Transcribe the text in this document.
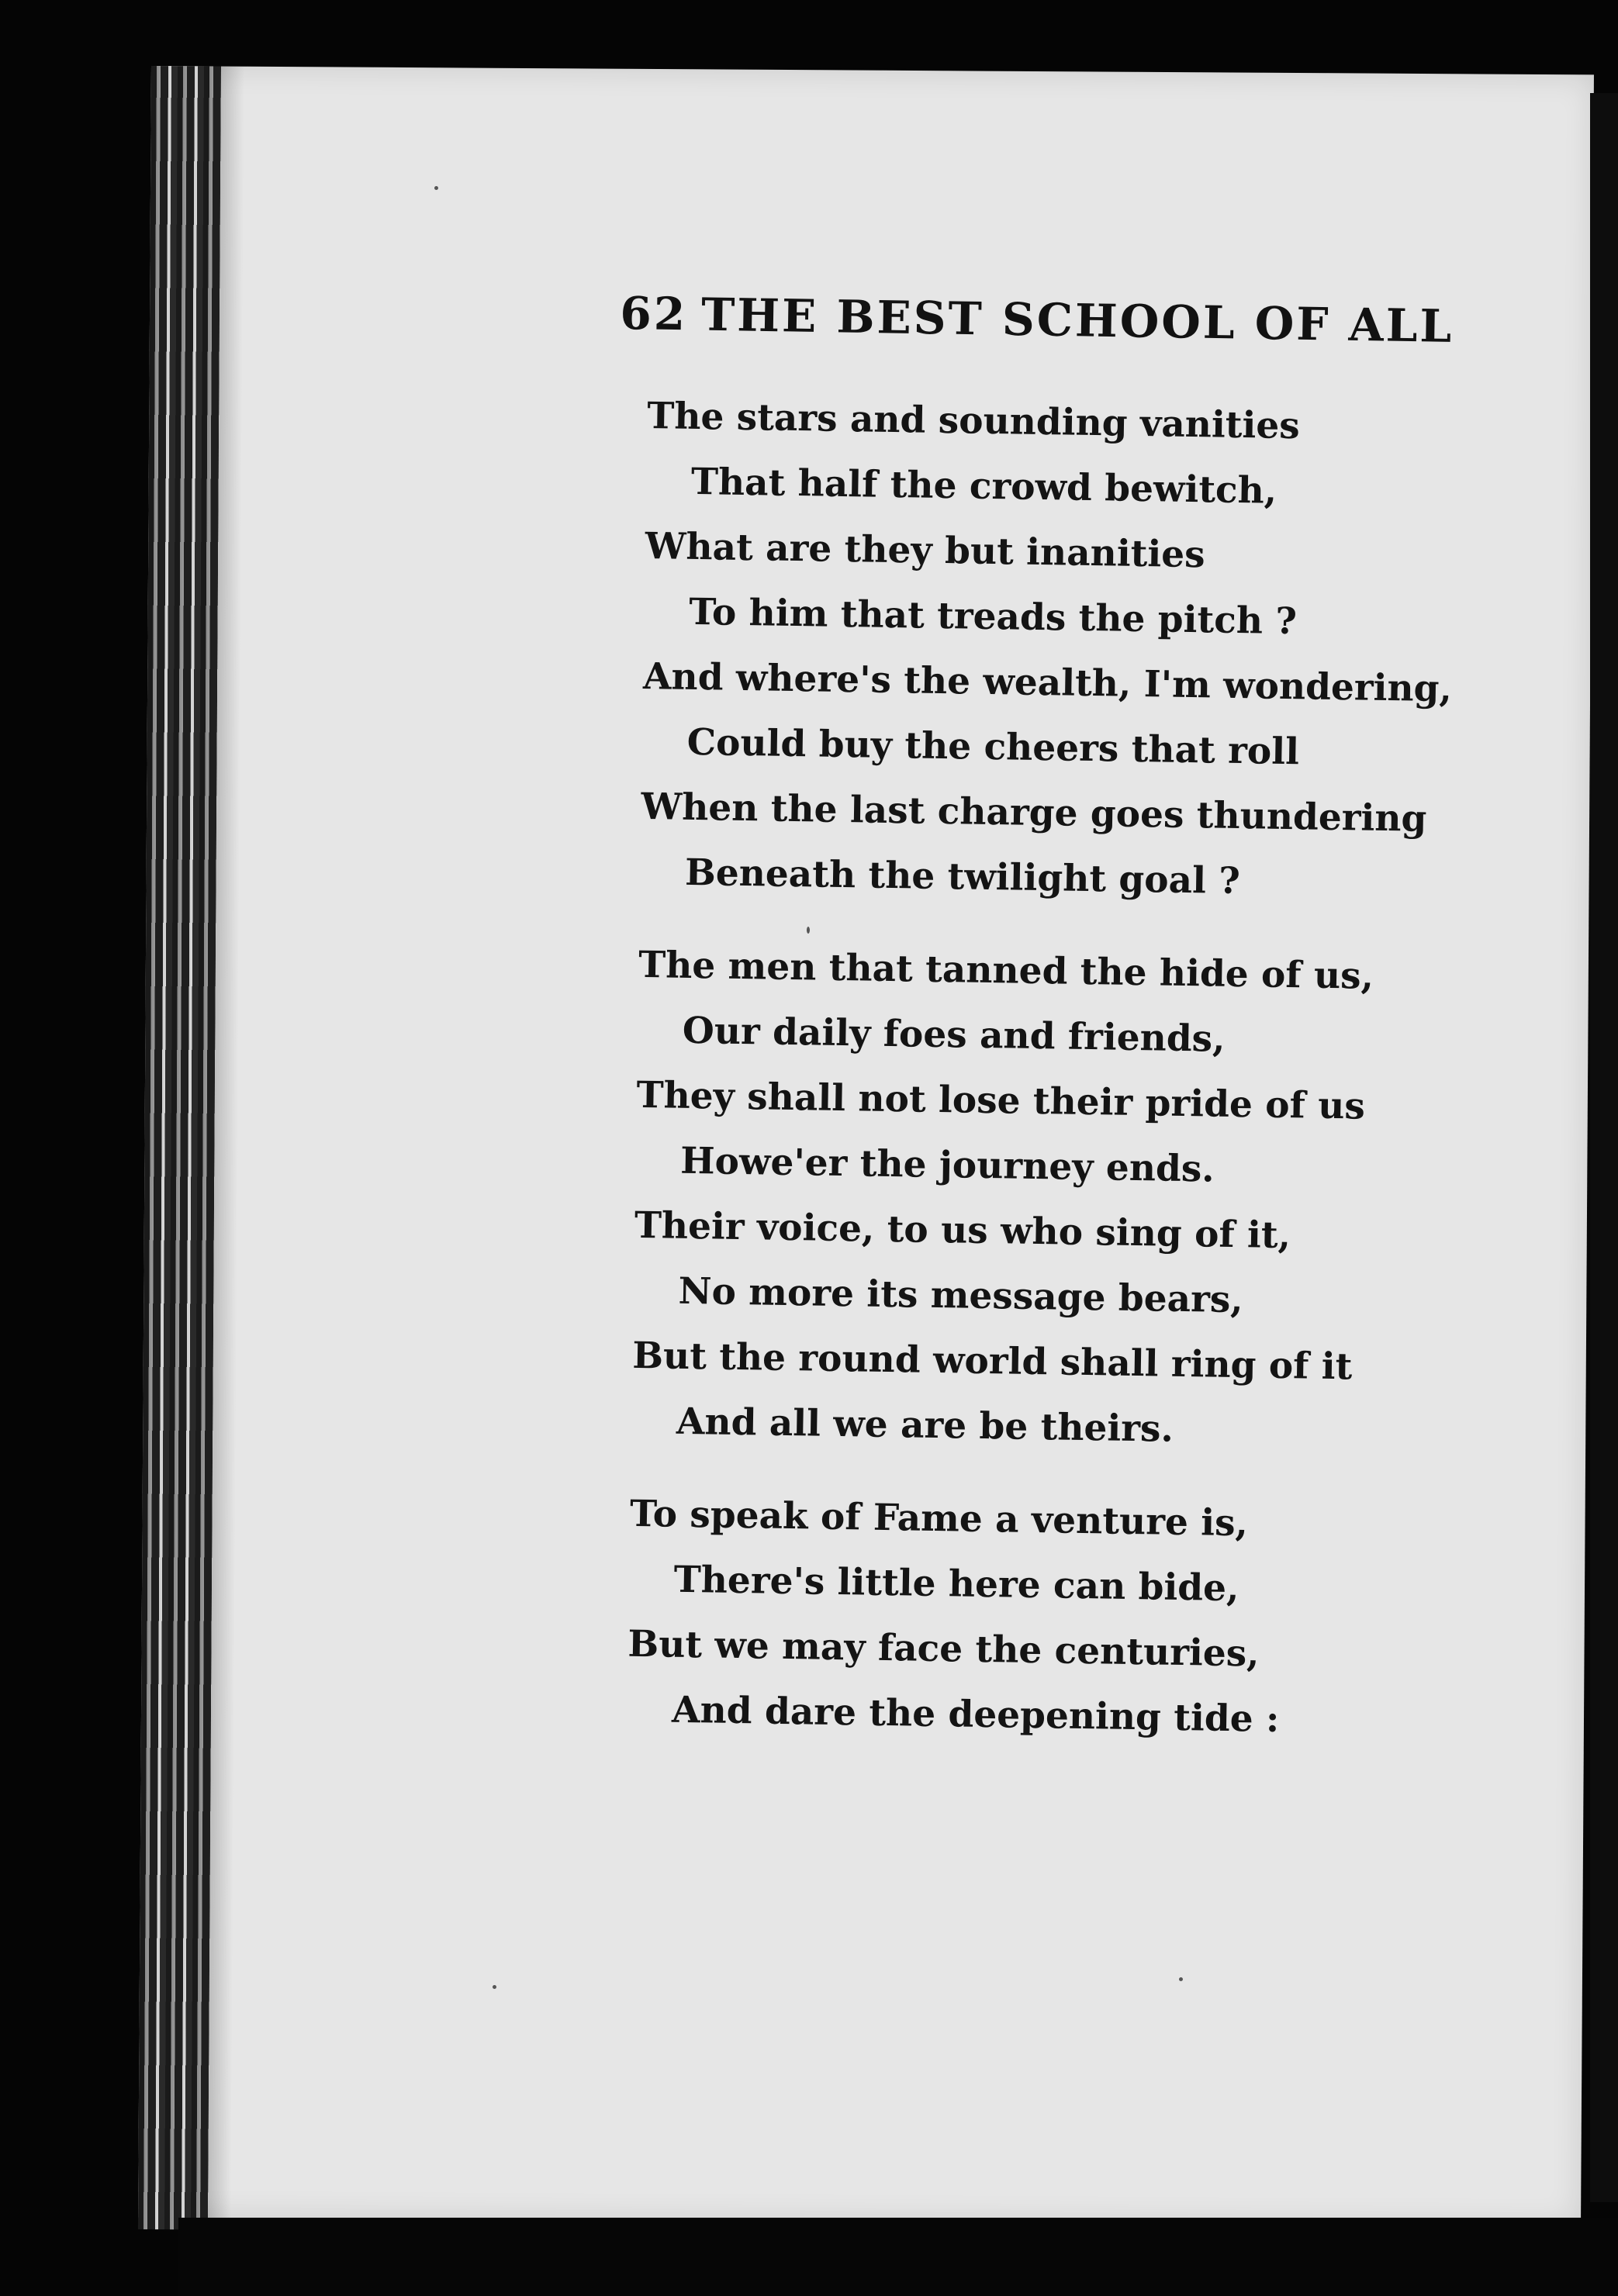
62 THE BEST SCHOOL OF ALL
The stars and sounding vanities
That half the crowd bewitch,
What are they but inanities
To him that treads the pitch ?
And where's the wealth, I'm wondering,
Could buy the cheers that roll
When the last charge goes thundering
Beneath the twilight goal ?
The men that tanned the hide of us,
Our daily foes and friends,
They shall not lose their pride of us
Howe'er the journey ends.
Their voice, to us who sing of it,
No more its message bears,
But the round world shall ring of it
And all we are be theirs.
To speak of Fame a venture is,
There's little here can bide,
But we may face the centuries,
And dare the deepening tide :
